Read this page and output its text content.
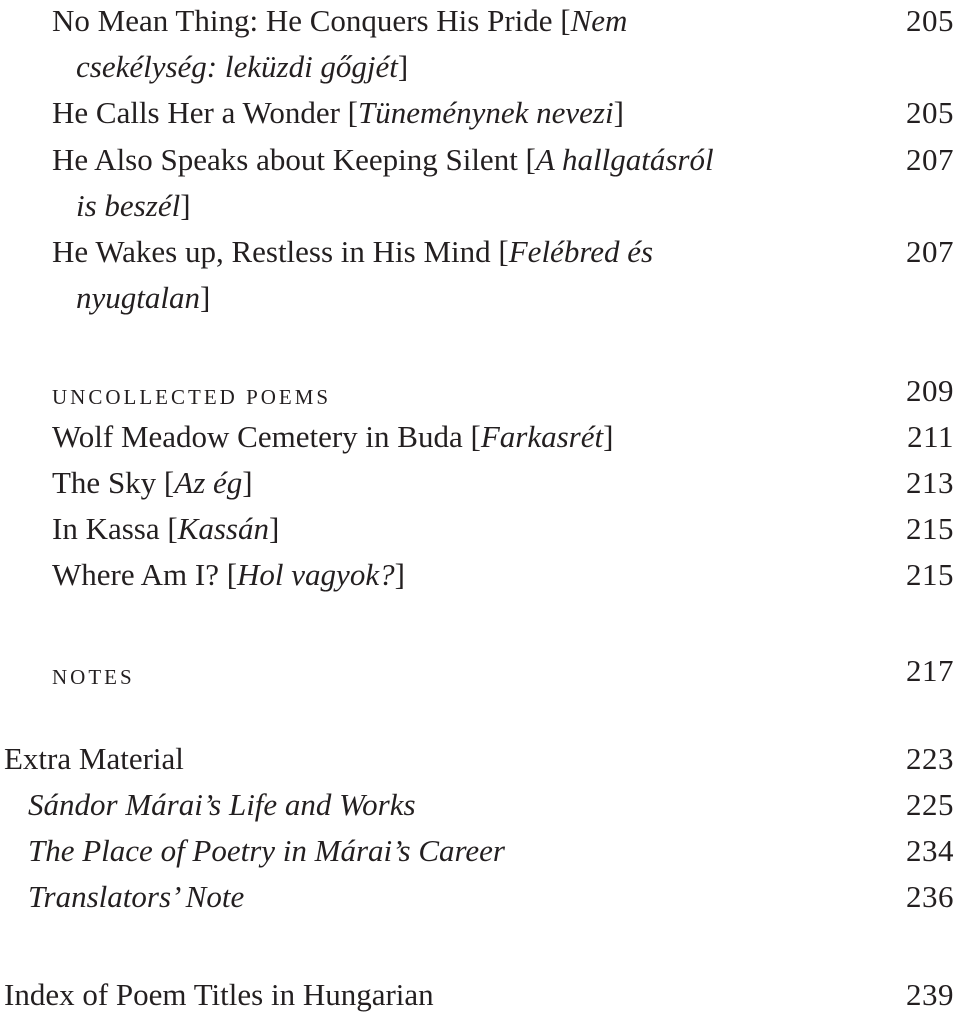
No Mean Thing: He Conquers His Pride [Nem	205
csekélység: leküzdi gőgjét]
He Calls Her a Wonder [Tüneménynek nevezi]	205
He Also Speaks about Keeping Silent [A hallgatásról	207
is beszél]
He Wakes up, Restless in His Mind [Felébred és	207
nyugtalan]
UNCOLLECTED POEMS	209
Wolf Meadow Cemetery in Buda [Farkasrét]	211
The Sky [Az ég]	213
In Kassa [Kassán]	215
Where Am I? [Hol vagyok?]	215
NOTES	217
Extra Material	223
Sándor Márai’s Life and Works	225
The Place of Poetry in Márai’s Career	234
Translators’ Note	236
Index of Poem Titles in Hungarian	239
